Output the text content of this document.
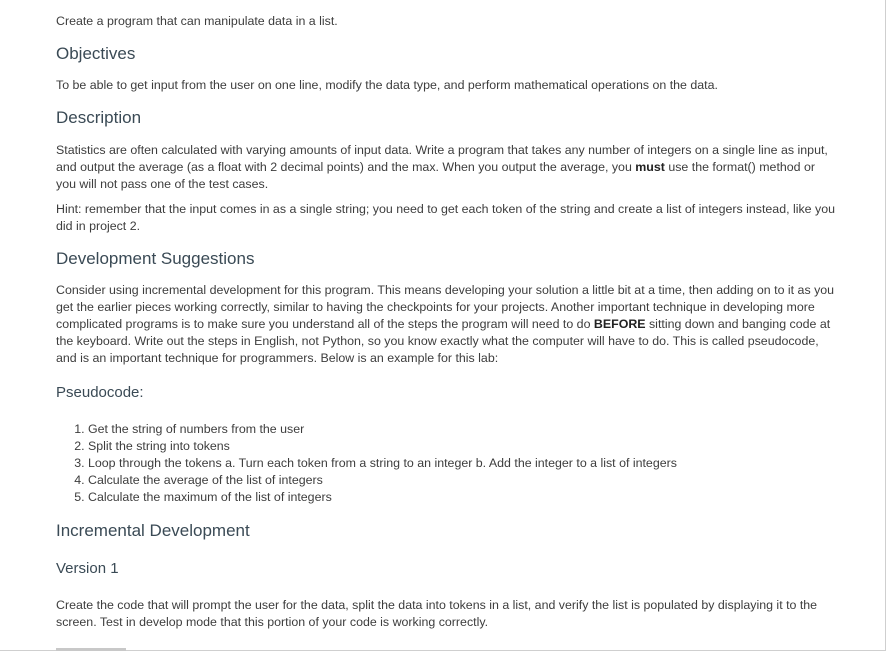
Create a program that can manipulate data in a list.

Objectives

To be able to get input from the user on one line, modify the data type, and perform mathematical operations on the data.

Description

Statistics are often calculated with varying amounts of input data. Write a program that takes any number of integers on a single line as input, and output the average (as a float with 2 decimal points) and the max. When you output the average, you must use the format() method or you will not pass one of the test cases.

Hint: remember that the input comes in as a single string; you need to get each token of the string and create a list of integers instead, like you did in project 2.

Development Suggestions

Consider using incremental development for this program. This means developing your solution a little bit at a time, then adding on to it as you get the earlier pieces working correctly, similar to having the checkpoints for your projects. Another important technique in developing more complicated programs is to make sure you understand all of the steps the program will need to do BEFORE sitting down and banging code at the keyboard. Write out the steps in English, not Python, so you know exactly what the computer will have to do. This is called pseudocode, and is an important technique for programmers. Below is an example for this lab:

Pseudocode:
1. Get the string of numbers from the user
2. Split the string into tokens
3. Loop through the tokens a. Turn each token from a string to an integer b. Add the integer to a list of integers
4. Calculate the average of the list of integers
5. Calculate the maximum of the list of integers
Incremental Development
Version 1

Create the code that will prompt the user for the data, split the data into tokens in a list, and verify the list is populated by displaying it to the screen. Test in develop mode that this portion of your code is working correctly.
